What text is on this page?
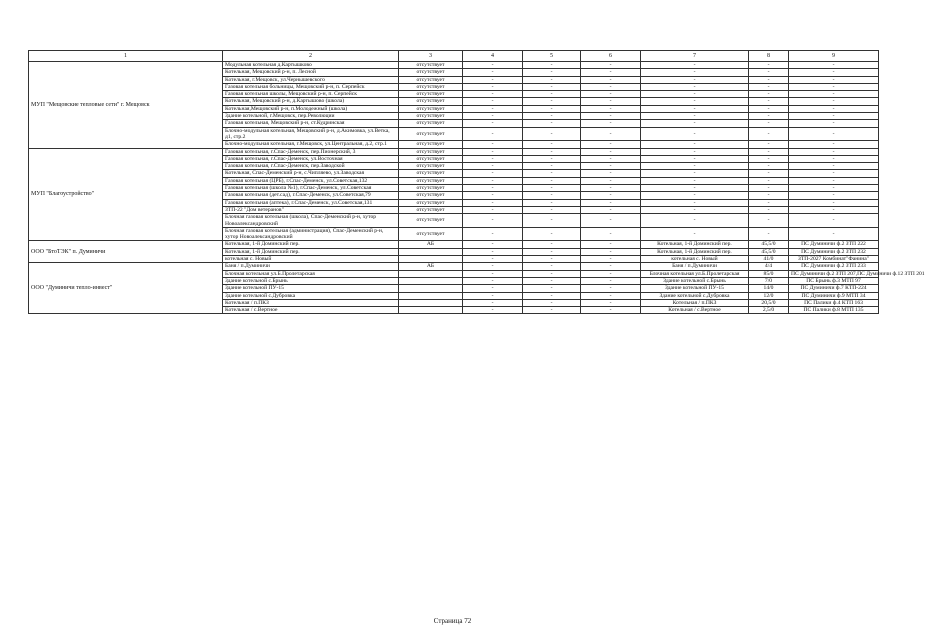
1	2	3	4	5	6	7	8	9
МУП "Мещовские тепловые сети" г. Мещовск	Модульная котельная д.Картышково	отсутствует	-	-	-	-	-	-
	Котельная, Мещовский р-н, п. Лесной	отсутствует	-	-	-	-	-	-
	Котельная, г.Мещовск, ул.Чернышевского	отсутствует	-	-	-	-	-	-
	Газовая котельная больницы, Мещовский р-н, п. Серпейск	отсутствует	-	-	-	-	-	-
	Газовая котельная школы, Мещовский р-н, п. Серпейск	отсутствует	-	-	-	-	-	-
	Котельная, Мещовский р-н, д.Картышово (школа)	отсутствует	-	-	-	-	-	-
	Котельная,Мещовский р-н, п.Молодежный (школа)	отсутствует	-	-	-	-	-	-
	Здание котельной, г.Мещовск, пер.Революции	отсутствует	-	-	-	-	-	-
	Газовая котельная, Мещовский р-н, ст.Кудринская	отсутствует	-	-	-	-	-	-
	Блочно-модульная котельная, Мещовский р-н, д.Акимовка, ул.Ветка, д1, стр.2	отсутствует	-	-	-	-	-	-
	Блочно-модульная котельная, г.Мещовск, ул.Центральная, д.2, стр.1	отсутствует	-	-	-	-	-	-
МУП "Благоустройство"	Газовая котельная, г.Спас-Деменск, пер.Пионерский, 3	отсутствует	-	-	-	-	-	-
	Газовая котельная, г.Спас-Деменск, ул.Восточная	отсутствует	-	-	-	-	-	-
	Газовая котельная, г.Спас-Деменск, пер.Заводской	отсутствует	-	-	-	-	-	-
	Котельная, Спас-Деменский р-н, с.Чипляево, ул.Заводская	отсутствует	-	-	-	-	-	-
	Газовая котельная (ЦРБ), г.Спас-Деменск, ул.Советская,132	отсутствует	-	-	-	-	-	-
	Газовая котельная (школа №1), г.Спас-Деменск, ул.Советская	отсутствует	-	-	-	-	-	-
	Газовая котельная (дет.сад), г.Спас-Деменск, ул.Советская,79	отсутствует	-	-	-	-	-	-
	Газовая котельная (аптека), г.Спас-Деменск, ул.Советская,131	отсутствует	-	-	-	-	-	-
	ЗТП-22 "Дом ветеранов"	отсутствует	-	-	-	-	-	-
	Блочная газовая котельная (школа), Спас-Деменский р-н, хутор Новоалександровский	отсутствует	-	-	-	-	-	-
	Блочная газовая котельная (администрация), Спас-Деменский р-н, хутор Новоалександровский	отсутствует	-	-	-	-	-	-
ООО "БтоТЭК" п. Думиничи	Котельная, 1-й Доминский пер.	АБ	-	-	-	Котельная, 1-й Доминский пер.	45,5/0	ПС Думиничи ф.2 ЗТП 222
	Котельная, 1-й Доминский пер.		-	-	-	Котельная, 1-й Доминский пер.	45,5/0	ПС Думиничи ф.2 ЗТП 232
	котельная с. Новый		-	-	-	котельная с. Новый	41/0	ЗТП-2027 Комбинат"Фанина"
ООО "Думиничи тепло-инвест"	Баня / п.Думиничи	АБ	-	-	-	Баня / п.Думиничи	4/4	ПС Думиничи ф.2 ЗТП 233
	Блочная котельная ул.Б.Пролетарская		-	-	-	Блочная котельная ул.Б.Пролетарская	85/0	ПС Думиничи ф.2 ЗТП 207,ПС Думиничи ф.12 ЗТП 201
	Здание котельной с.Брынь		-	-	-	Здание котельной с.Брынь	7/0	ПС Брынь ф.3 МТП 97
	Здание котельной ПУ-15		-	-	-	Здание котельной ПУ-15	14/0	ПС Думиничи ф.7 КТП-224
	Здание котельной с.Дубровка		-	-	-	Здание котельной с.Дубровка	12/0	ПС Думиничи ф.9 МТП 34
	Котельная / п.ПКЗ		-	-	-	Котельная / п.ПКЗ	20,5/0	ПС Палики ф.4 КТП 163
	Котельная / с.Вертное		-	-	-	Котельная / с.Вертное	2,5/0	ПС Палики ф.8 МТП 135
Страница 72
